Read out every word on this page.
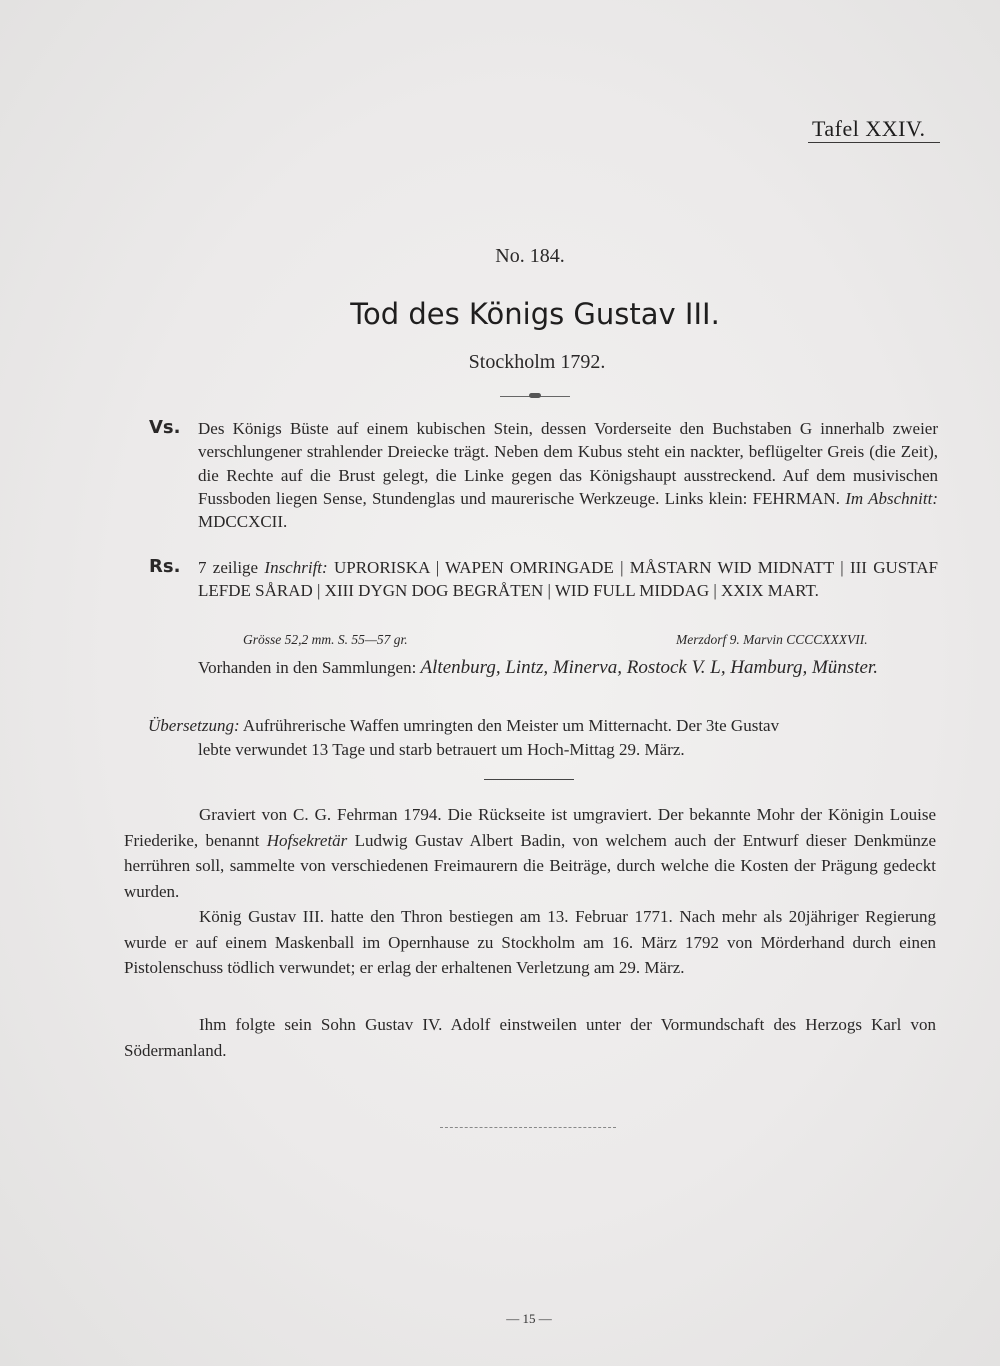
Tafel XXIV.
No. 184.
Tod des Königs Gustav III.
Stockholm 1792.
Vs. Des Königs Büste auf einem kubischen Stein, dessen Vorderseite den Buchstaben G innerhalb zweier verschlungener strahlender Dreiecke trägt. Neben dem Kubus steht ein nackter, beflügelter Greis (die Zeit), die Rechte auf die Brust gelegt, die Linke gegen das Königshaupt ausstreckend. Auf dem musivischen Fussboden liegen Sense, Stundenglas und maurerische Werkzeuge. Links klein: FEHRMAN. Im Abschnitt: MDCCXCII.

Rs. 7 zeilige Inschrift: UPRORISKA | WAPEN OMRINGADE | MÅSTARN WID MIDNATT | III GUSTAF LEFDE SÅRAD | XIII DYGN DOG BEGRÅTEN | WID FULL MIDDAG | XXIX MART.

Grösse 52,2 mm. S. 55—57 gr.	Merzdorf 9. Marvin CCCCXXXVII.

Vorhanden in den Sammlungen: Altenburg, Lintz, Minerva, Rostock V. L, Hamburg, Münster.

Übersetzung: Aufrührerische Waffen umringten den Meister um Mitternacht. Der 3te Gustav
lebte verwundet 13 Tage und starb betrauert um Hoch-Mittag 29. März.

Graviert von C. G. Fehrman 1794. Die Rückseite ist umgraviert. Der bekannte Mohr der Königin Louise Friederike, benannt Hofsekretär Ludwig Gustav Albert Badin, von welchem auch der Entwurf dieser Denkmünze herrühren soll, sammelte von verschiedenen Freimaurern die Beiträge, durch welche die Kosten der Prägung gedeckt wurden.

König Gustav III. hatte den Thron bestiegen am 13. Februar 1771. Nach mehr als 20jähriger Regierung wurde er auf einem Maskenball im Opernhause zu Stockholm am 16. März 1792 von Mörderhand durch einen Pistolenschuss tödlich verwundet; er erlag der erhaltenen Verletzung am 29. März.

Ihm folgte sein Sohn Gustav IV. Adolf einstweilen unter der Vormundschaft des Herzogs Karl von Södermanland.

— 15 —
